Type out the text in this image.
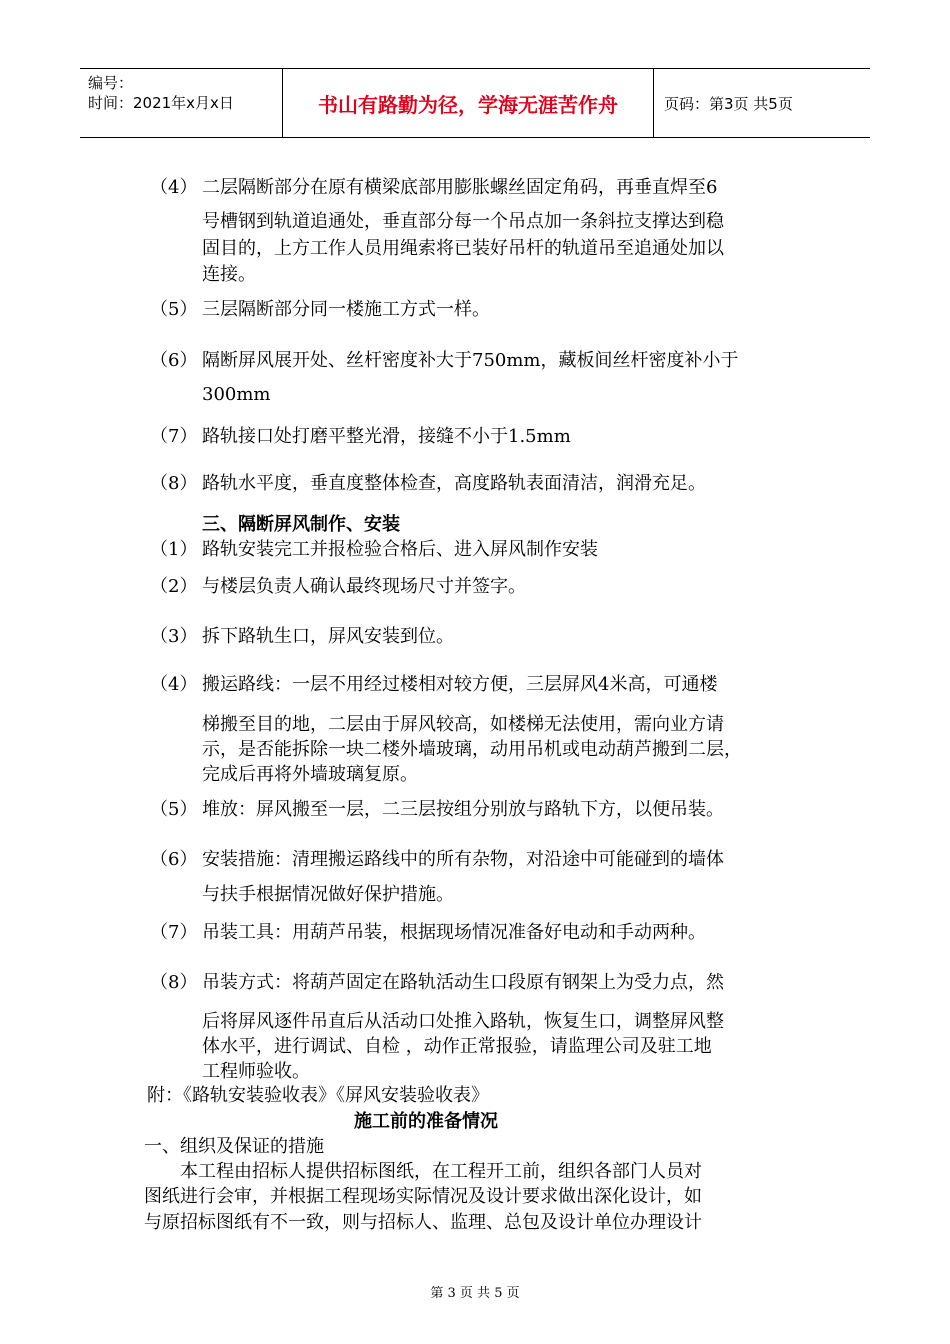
编号：
时间：2021年x月x日	书山有路勤为径，学海无涯苦作舟	页码：第3页 共5页
（4） 二层隔断部分在原有横梁底部用膨胀螺丝固定角码，再垂直焊至6
号槽钢到轨道追通处，垂直部分每一个吊点加一条斜拉支撑达到稳
固目的，上方工作人员用绳索将已装好吊杆的轨道吊至追通处加以
连接。
（5） 三层隔断部分同一楼施工方式一样。
（6） 隔断屏风展开处、丝杆密度补大于750mm，藏板间丝杆密度补小于
300mm
（7） 路轨接口处打磨平整光滑，接缝不小于1.5mm
（8） 路轨水平度，垂直度整体检查，高度路轨表面清洁，润滑充足。
三、隔断屏风制作、安装
（1） 路轨安装完工并报检验合格后、进入屏风制作安装
（2） 与楼层负责人确认最终现场尺寸并签字。
（3） 拆下路轨生口，屏风安装到位。
（4） 搬运路线：一层不用经过楼相对较方便，三层屏风4米高，可通楼
梯搬至目的地，二层由于屏风较高，如楼梯无法使用，需向业方请
示，是否能拆除一块二楼外墙玻璃，动用吊机或电动葫芦搬到二层，
完成后再将外墙玻璃复原。
（5） 堆放：屏风搬至一层，二三层按组分别放与路轨下方，以便吊装。
（6） 安装措施：清理搬运路线中的所有杂物，对沿途中可能碰到的墙体
与扶手根据情况做好保护措施。
（7） 吊装工具：用葫芦吊装，根据现场情况准备好电动和手动两种。
（8） 吊装方式：将葫芦固定在路轨活动生口段原有钢架上为受力点，然
后将屏风逐件吊直后从活动口处推入路轨，恢复生口，调整屏风整
体水平，进行调试、自检 ，动作正常报验，请监理公司及驻工地
工程师验收。
附：《路轨安装验收表》《屏风安装验收表》
施工前的准备情况
一、组织及保证的措施
本工程由招标人提供招标图纸，在工程开工前，组织各部门人员对
图纸进行会审，并根据工程现场实际情况及设计要求做出深化设计，如
与原招标图纸有不一致，则与招标人、监理、总包及设计单位办理设计
第 3 页 共 5 页
